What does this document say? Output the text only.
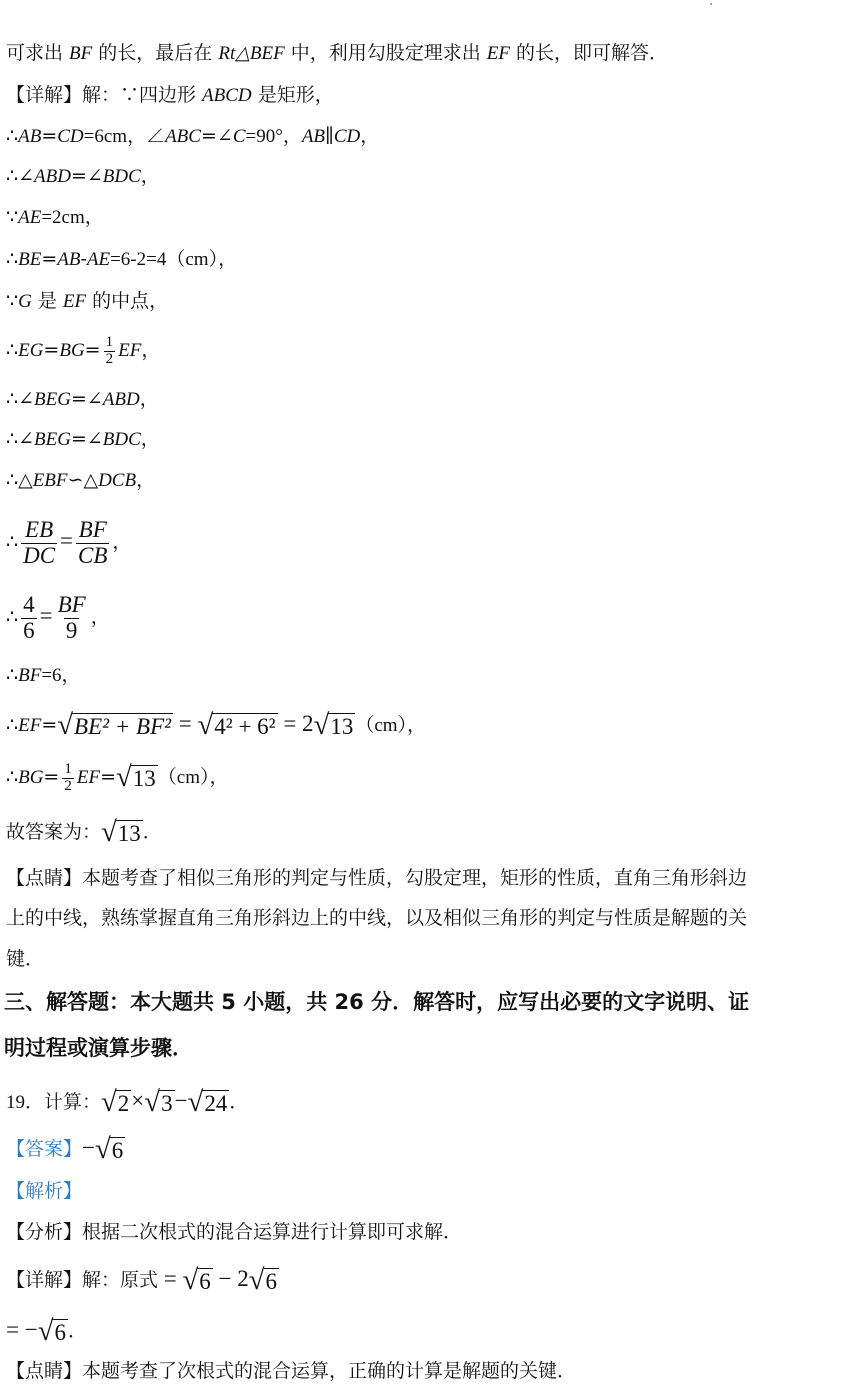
可求出 BF 的长，最后在 Rt△BEF 中，利用勾股定理求出 EF 的长，即可解答．
【详解】解：∵四边形 ABCD 是矩形，
∴AB=CD=6cm，∠ABC=∠C=90°，AB∥CD，
∴∠ABD=∠BDC，
∵AE=2cm，
∴BE=AB-AE=6-2=4（cm），
∵G 是 EF 的中点，
∴EG=BG= $\frac{1}{2}$ EF，
∴∠BEG=∠ABD，
∴∠BEG=∠BDC，
∴△EBF∽△DCB，
∴ $\frac{EB}{DC} = \frac{BF}{CB}$ ，
∴ $\frac{4}{6} = \frac{BF}{9}$ ，
∴BF=6，
∴EF= √ BE² + BF² = √ 4² + 6² = 2 √ 13 （cm），
∴BG= $\frac{1}{2} EF=$ √ 13 （cm），
故答案为： √ 13 ．
【点睛】本题考查了相似三角形的判定与性质，勾股定理，矩形的性质，直角三角形斜边
上的中线，熟练掌握直角三角形斜边上的中线，以及相似三角形的判定与性质是解题的关
键．
三、解答题：本大题共 5 小题，共 26 分．解答时，应写出必要的文字说明、证
明过程或演算步骤．
19．计算： √ 2 × √ 3 − √ 24 ．
【答案】− √ 6
【解析】
【分析】根据二次根式的混合运算进行计算即可求解．
【详解】解：原式 = √ 6 − 2 √ 6
= − √ 6 ．
【点睛】本题考查了次根式的混合运算，正确的计算是解题的关键．
